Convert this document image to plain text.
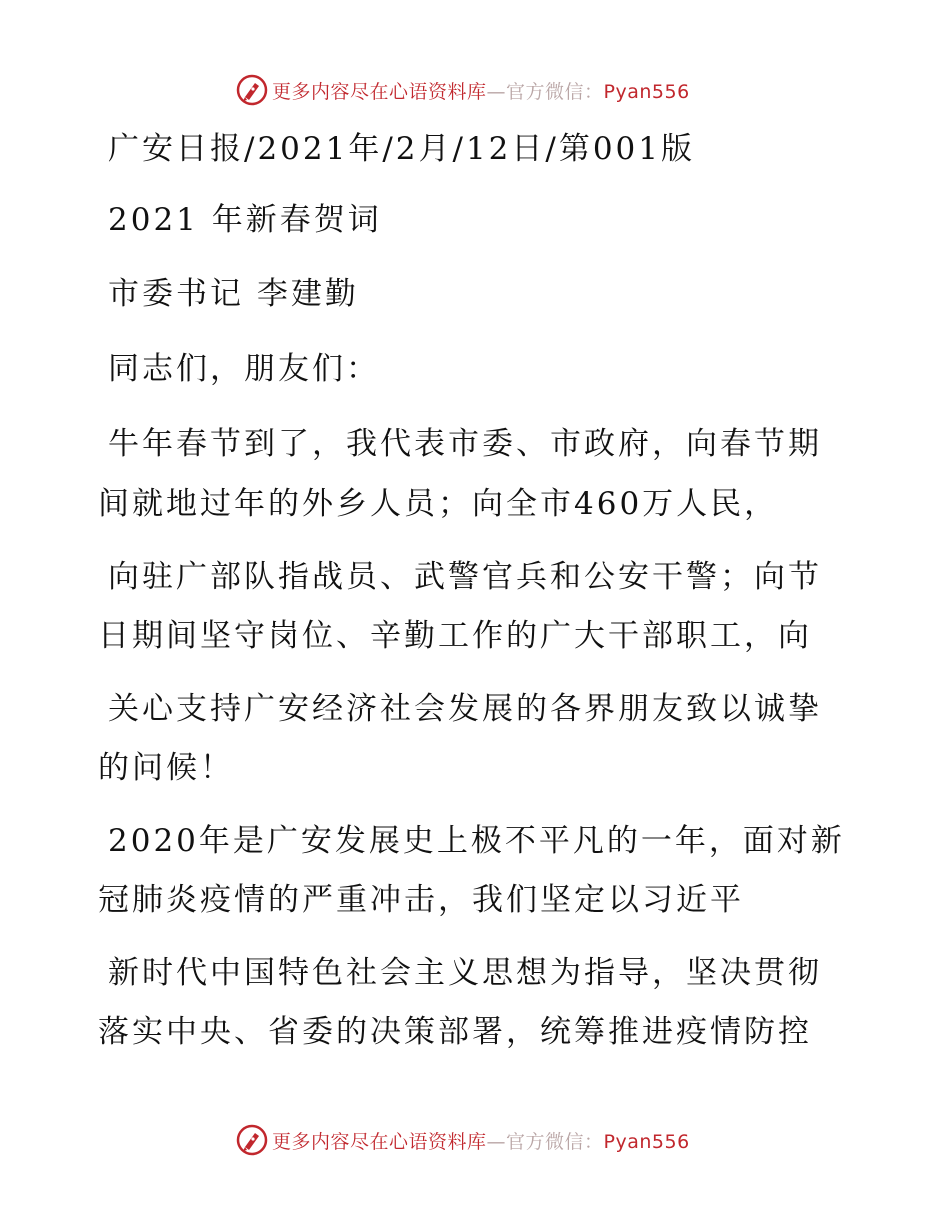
更多内容尽在心语资料库—官方微信：Pyan556
广安日报/2021年/2月/12日/第001版
2021 年新春贺词
市委书记 李建勤
同志们，朋友们：
牛年春节到了，我代表市委、市政府，向春节期
间就地过年的外乡人员；向全市460万人民，
向驻广部队指战员、武警官兵和公安干警；向节
日期间坚守岗位、辛勤工作的广大干部职工，向
关心支持广安经济社会发展的各界朋友致以诚挚
的问候！
2020年是广安发展史上极不平凡的一年，面对新
冠肺炎疫情的严重冲击，我们坚定以习近平
新时代中国特色社会主义思想为指导，坚决贯彻
落实中央、省委的决策部署，统筹推进疫情防控
更多内容尽在心语资料库—官方微信：Pyan556
